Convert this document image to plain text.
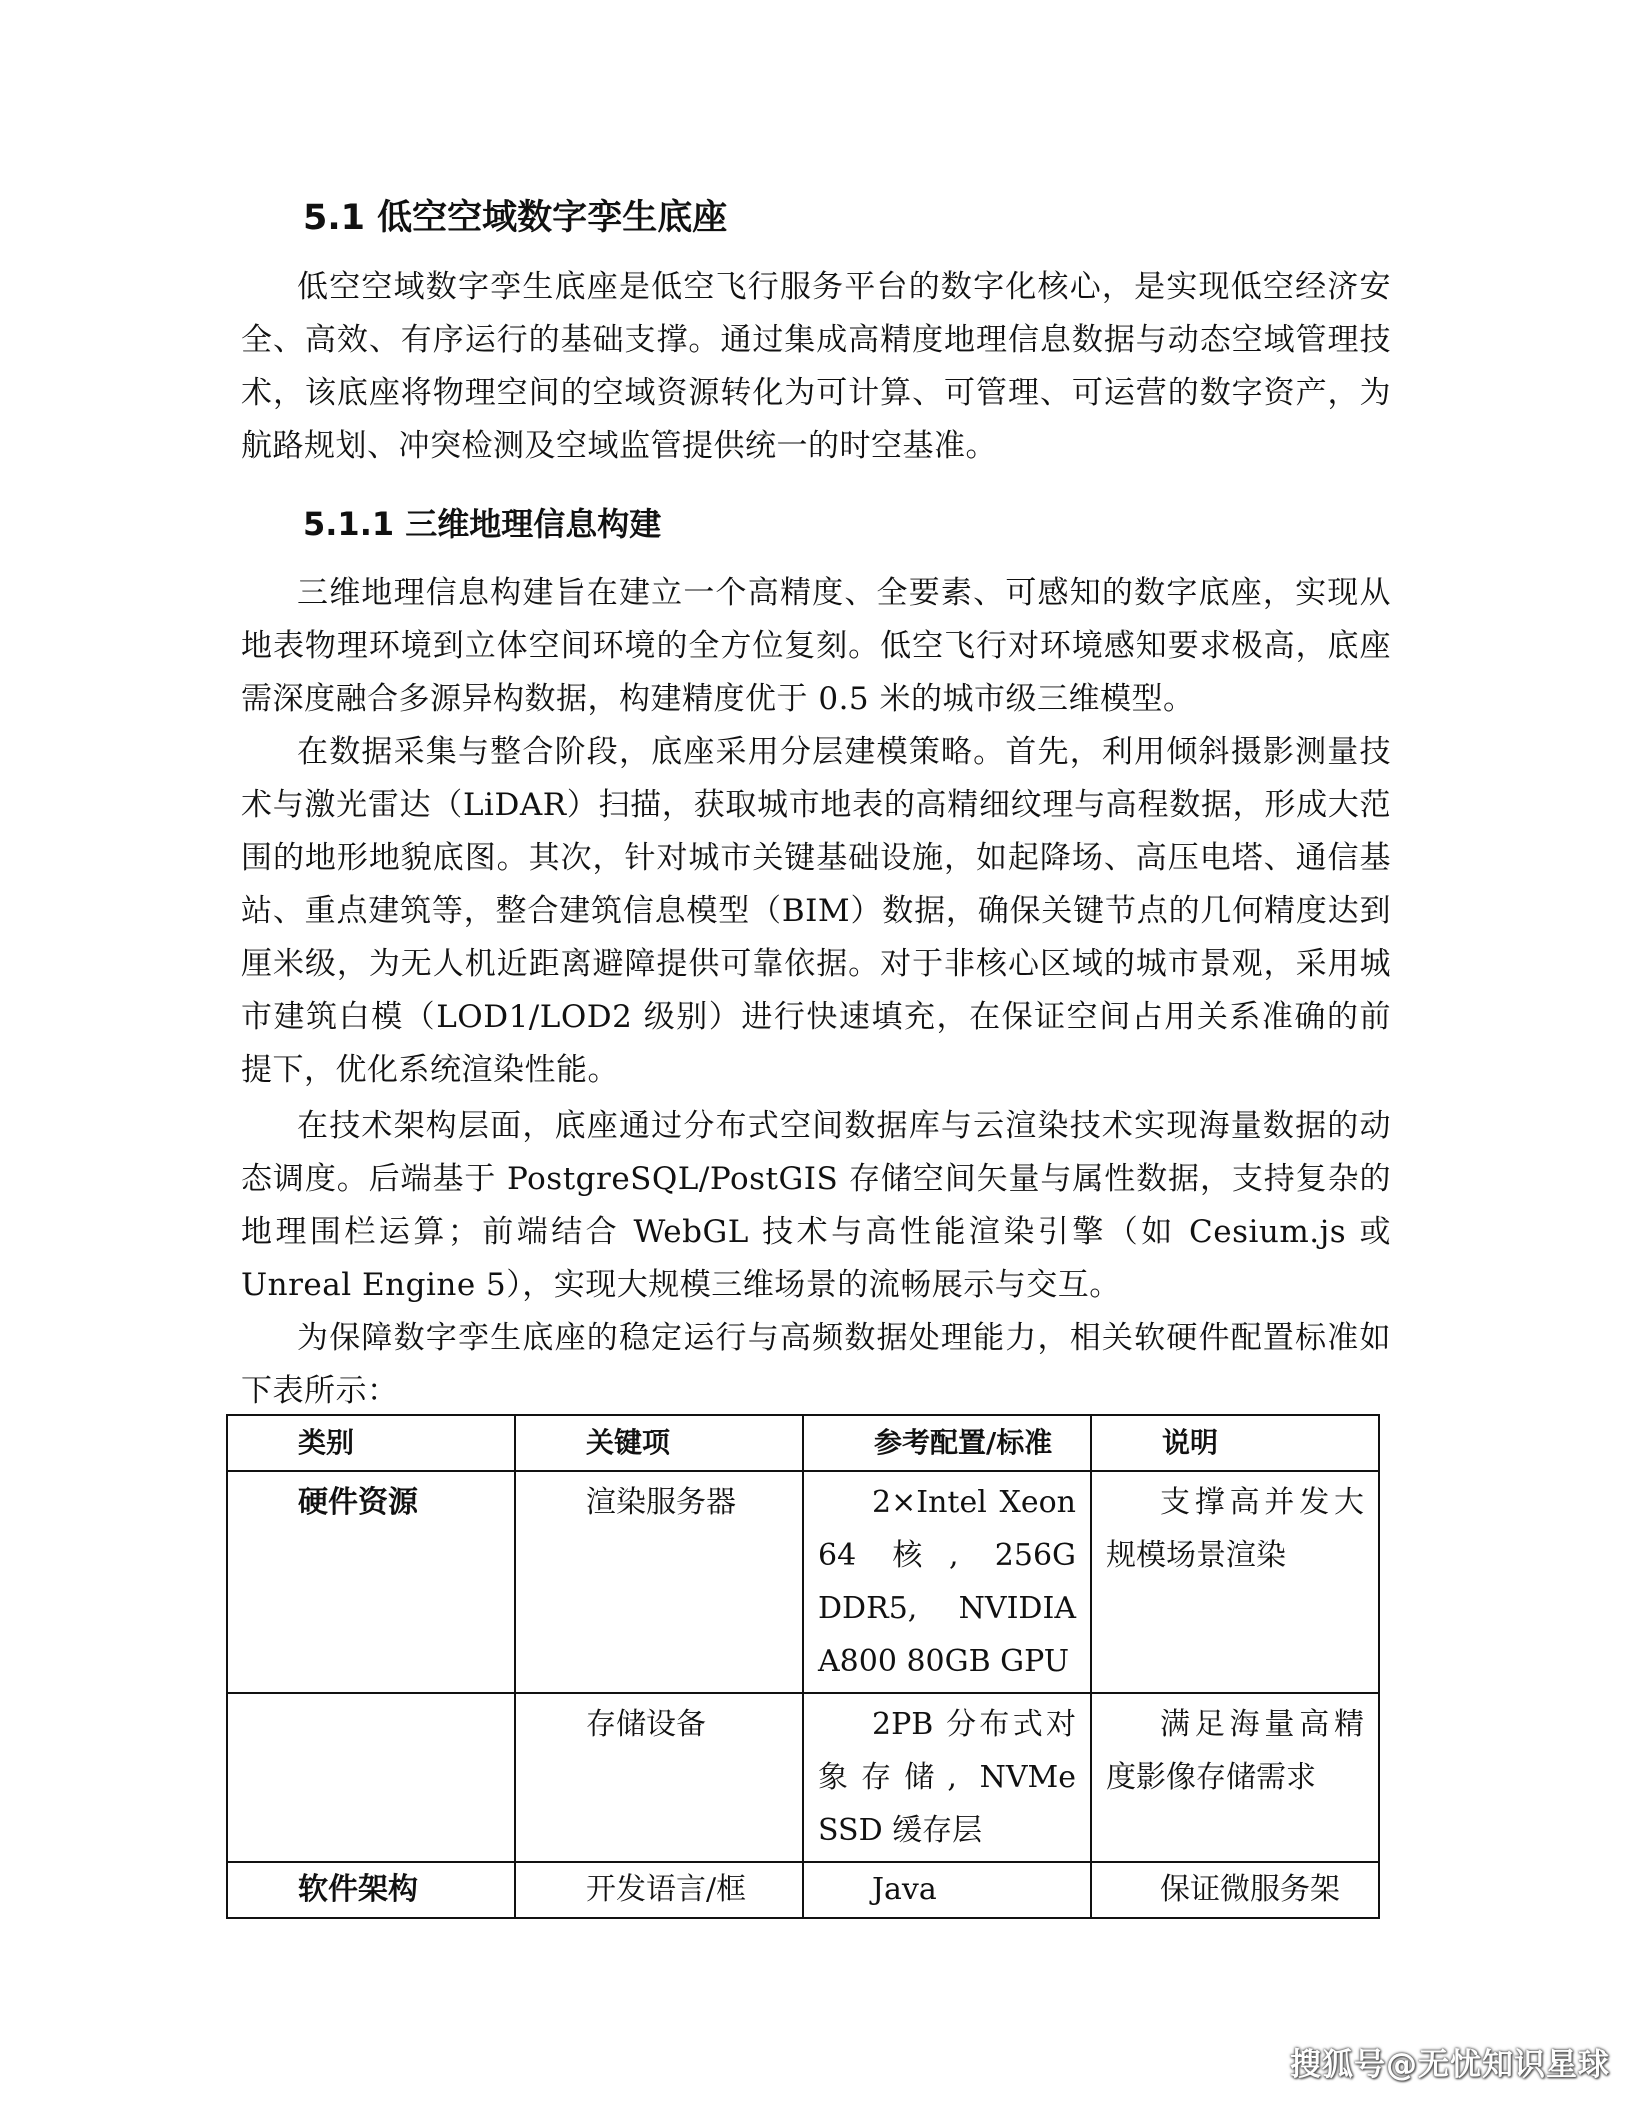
5.1 低空空域数字孪生底座

低空空域数字孪生底座是低空飞行服务平台的数字化核心，是实现低空经济安全、高效、有序运行的基础支撑。通过集成高精度地理信息数据与动态空域管理技术，该底座将物理空间的空域资源转化为可计算、可管理、可运营的数字资产，为航路规划、冲突检测及空域监管提供统一的时空基准。

5.1.1 三维地理信息构建

三维地理信息构建旨在建立一个高精度、全要素、可感知的数字底座，实现从地表物理环境到立体空间环境的全方位复刻。低空飞行对环境感知要求极高，底座需深度融合多源异构数据，构建精度优于 0.5 米的城市级三维模型。

在数据采集与整合阶段，底座采用分层建模策略。首先，利用倾斜摄影测量技术与激光雷达（LiDAR）扫描，获取城市地表的高精细纹理与高程数据，形成大范围的地形地貌底图。其次，针对城市关键基础设施，如起降场、高压电塔、通信基站、重点建筑等，整合建筑信息模型（BIM）数据，确保关键节点的几何精度达到厘米级，为无人机近距离避障提供可靠依据。对于非核心区域的城市景观，采用城市建筑白模（LOD1/LOD2 级别）进行快速填充，在保证空间占用关系准确的前提下，优化系统渲染性能。

在技术架构层面，底座通过分布式空间数据库与云渲染技术实现海量数据的动态调度。后端基于 PostgreSQL/PostGIS 存储空间矢量与属性数据，支持复杂的地理围栏运算；前端结合 WebGL 技术与高性能渲染引擎（如 Cesium.js 或 Unreal Engine 5），实现大规模三维场景的流畅展示与交互。

为保障数字孪生底座的稳定运行与高频数据处理能力，相关软硬件配置标准如下表所示：

类别	关键项	参考配置/标准	说明
硬件资源	渲染服务器	2×Intel Xeon 64 核, 256G DDR5, NVIDIA A800 80GB GPU	支撑高并发大规模场景渲染
	存储设备	2PB 分布式对象存储, NVMe SSD 缓存层	满足海量高精度影像存储需求
软件架构	开发语言/框	Java	保证微服务架
搜狐号@无忧知识星球
